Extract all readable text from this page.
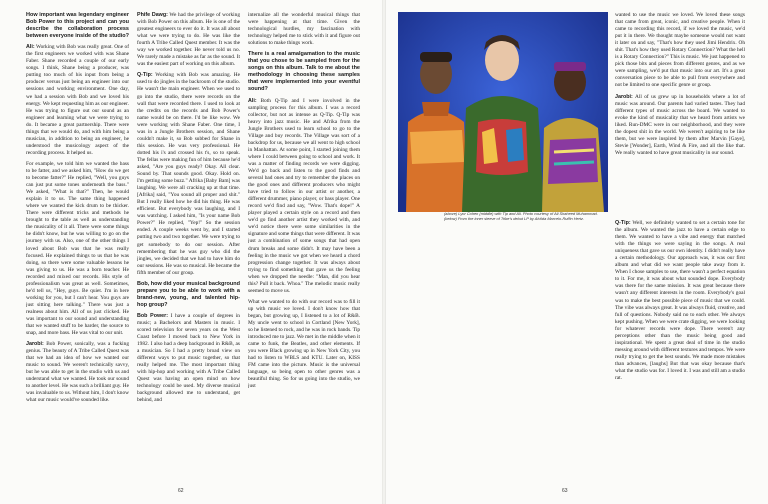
How important was legendary engineer Bob Power to this project and can you describe the collaboration process between everyone inside of the studio?

Ali: Working with Bob was really great. One of the first engineers we worked with was Shane Faber. Shane recorded a couple of our early songs. I think, Shane being a producer, was putting too much of his input from being a producer versus just being an engineer into our sessions and working environment. One day, we had a session with Bob and we loved his energy. We kept requesting him as our engineer. He was trying to figure out our sound as an engineer and learning what we were trying to do. It became a great partnership. There were things that we would do, and with him being a musician, in addition to being an engineer, he understood the musicology aspect of the recording process. It helped us.

For example, we told him we wanted the bass to be fatter, and we asked him, "How do we get to become fatter?" He replied, "Well, you guys can just put some tones underneath the bass." We asked, "What is that?" Then, he would explain it to us. The same thing happened where we wanted the kick drum to be thicker. There were different tricks and methods he brought to the table as well as understanding the musicality of it all. There were some things he didn't know, but he was willing to go on the journey with us. Also, one of the other things I loved about Bob was that he was really focused. He explained things to us that he was doing, so there were some valuable lessons he was giving to us. He was a born teacher. He recorded and mixed our records. His style of professionalism was great as well. Sometimes, he'd tell us, "Hey, guys. Be quiet. I'm in here working for you, but I can't hear. You guys are just sitting here talking." There was just a realness about him. All of us just clicked. He was important to our sound and understanding that we wanted stuff to be harder, the source to snap, and more bass. He was vital to our unit.

Jarobi: Bob Power, sonically, was a fucking genius. The beauty of A Tribe Called Quest was that we had an idea of how we wanted our music to sound. We weren't technically savvy, but he was able to get in the studio with us and understand what we wanted. He took our sound to another level. He was such a brilliant guy. He was invaluable to us. Without him, I don't know what our music would've sounded like.

Phife Dawg: We had the privilege of working with Bob Power on this album. He is one of the greatest engineers to ever do it. It was all about what we were trying to do. He was like the fourth A Tribe Called Quest member. It was the way we worked together. He never told us no. We rarely made a mistake as far as the sound. It was the easiest part of working on this album.

Q-Tip: Working with Bob was amazing. He used to do jingles in the backroom of the studio. He wasn't the main engineer. When we used to go into the studio, there were records on the wall that were recorded there. I used to look at the credits on the records and Bob Power's name would be on there. I'd be like wow. We were working with Shane Faber. One time, I was in a Jungle Brothers session, and Shane couldn't make it, so Bob subbed for Shane in this session. He was very professional. He dotted his i's and crossed his t's, so to speak. The fellas were making fun of him because he'd asked, "Are you guys ready? Okay. All clear. Sound by. That sounds good. Okay. Hold on. I'm getting some buzz." Afrika [Baby Bam] was laughing. We were all cracking up at that time. [Afrika] said, "You sound all proper and shit." But I really liked how he did his thing. He was efficient. But everybody was laughing, and I was watching. I asked him, "Is your name Bob Power?" He replied, "Yep!" So the session ended. A couple weeks went by, and I started putting two and two together. We were trying to get somebody to do our session. After remembering that he was guy who did the jingles, we decided that we had to have him do our sessions. He was so musical. He became the fifth member of our group.

Bob, how did your musical background prepare you to be able to work with a brand-new, young, and talented hip-hop group?

Bob Power: I have a couple of degrees in music; a Bachelors and Masters in music. I scored television for seven years on the West Coast before I moved back to New York in 1982. I also had a deep background in R&B, as a musician. So I had a pretty broad view on different ways to put music together, so that really helped me. The most important thing with hip-hop and working with A Tribe Called Quest was having an open mind on how technology could be used. My diverse musical background allowed me to understand, get behind, and

internalize all the wonderful musical things that were happening at that time. Given the technological hurdles, my fascination with technology helped me to stick with it and figure out solutions to make things work.

There is a real amalgamation to the music that you chose to be sampled from for the songs on this album. Talk to me about the methodology in choosing these samples that were implemented into your eventful sound?

Ali: Both Q-Tip and I were involved in the sampling process for this album. I was a record collector, but not as intense as Q-Tip. Q-Tip was heavy into jazz music. He and Afrika from the Jungle Brothers used to learn school to go to the Village and buy records. The Village was sort of a backdrop for us, because we all went to high school in Manhattan. At some point, I started joining them where I could between going to school and work. It was a matter of finding records we were digging. We'd go back and listen to the good finds and several bad ones and try to remember the places on the good ones and different producers who might have tried to follow in our artist or another, a different drummer, piano player, or bass player. One record we'd find and say, "Wow. That's dope!" A player played a certain style on a record and then we'd go find another artist they worked with, and we'd notice there were some similarities in the signature and some things that were different. It was just a combination of some songs that had open drum breaks and some didn't. It may have been a feeling in the music we got when we heard a chord progression change together. It was always about trying to find something that gave us the feeling when we dropped the needle: "Man, did you hear this? Pull it back. Whoa." The melodic music really seemed to move us.

What we wanted to do with our record was to fill it up with music we loved. I don't know how that began, but growing up, I listened to a lot of R&B. My uncle went to school in Cortland [New York], so he listened to rock, and he was in rock bands. Tip introduced me to jazz. We met in the middle when it came to funk, the Beatles, and other elements. If you were Black growing up in New York City, you had to listen to WBLS and KTU. Later on, KISS FM came into the picture. Music is the universal language, so being open to other genres was a beautiful thing. So for us going into the studio, we just

(above) Lyor Cohen (middle) with Tip and Ali. Photo courtesy of Ali Shaheed Muhammad. (below) From the inner sleeve of Tribe's debut LP by Alvilda Marcelo-Ruffin Hertz.

wanted to use the music we loved. We loved these songs that came from great, iconic, and creative people. When it came to recording this record, if we loved the music, we'd put it in there. We thought maybe someone would not want it later on and say, "That's how they used Jimi Hendrix. Oh shit. That's how they used Rotary Connection? What the hell is a Rotary Connection?" This is music. We just happened to pick those bits and pieces from different genres, and as we were sampling, we'd put that music into our art. It's a great conversation piece to be able to pull from everywhere and not be limited to one specific genre or group.

Jarobi: All of us grew up in households where a lot of music was around. Our parents had varied tastes. They had different types of music across the board. We wanted to evoke the kind of musicality that we heard from artists we liked. Run-DMC were in our neighborhood, and they were the dopest shit in the world. We weren't aspiring to be like them, but we were inspired by them after Marvin [Gaye], Stevie [Wonder], Earth, Wind & Fire, and all the like that. We really wanted to have great musicality in our sound.

Q-Tip: Well, we definitely wanted to set a certain tone for the album. We wanted the jazz to have a certain edge to them. We wanted to have a vibe and energy that matched with the things we were saying in the songs. A real uniqueness that gave us our own identity. I didn't really have a certain methodology. Our approach was, it was our first album and what did we want people take away from it. When I chose samples to use, there wasn't a perfect equation to it. For me, it was about what sounded dope. Everybody was there for the same mission. It was great because there wasn't any different interests in the room. Everybody's goal was to make the best possible piece of music that we could. The vibe was always great. It was always fluid, creative, and full of questions. Nobody said no to each other. We always kept pushing. When we were crate digging, we were looking for whatever records were dope. There weren't any perceptions other than the music being good and inspirational. We spent a great deal of time in the studio messing around with different textures and tempos. We were really trying to get the best sounds. We made more mistakes than advances, [laughs] But that was okay because that's what the studio was for. I loved it. I was and still am a studio rat.

62	63
